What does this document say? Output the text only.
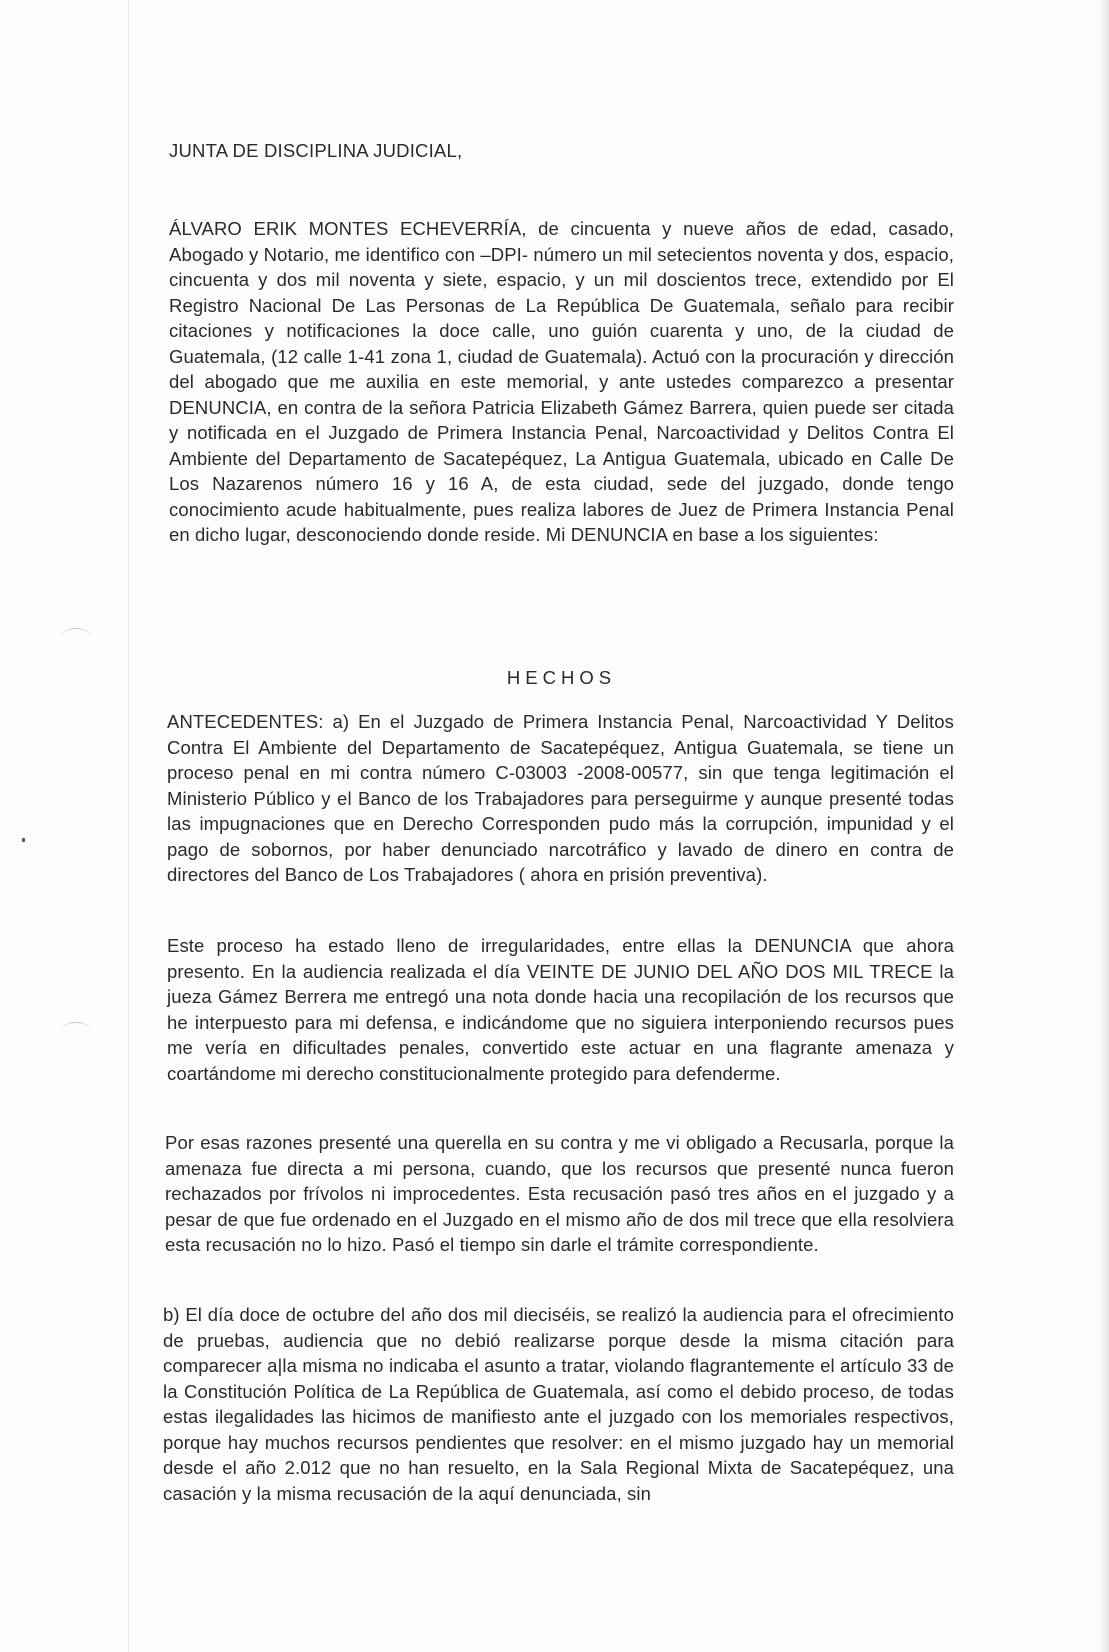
JUNTA DE DISCIPLINA JUDICIAL,

ÁLVARO ERIK MONTES ECHEVERRÍA, de cincuenta y nueve años de edad, casado, Abogado y Notario, me identifico con –DPI- número un mil setecientos noventa y dos, espacio, cincuenta y dos mil noventa y siete, espacio, y un mil doscientos trece, extendido por El Registro Nacional De Las Personas de La República De Guatemala, señalo para recibir citaciones y notificaciones la doce calle, uno guión cuarenta y uno, de la ciudad de Guatemala, (12 calle 1-41 zona 1, ciudad de Guatemala). Actuó con la procuración y dirección del abogado que me auxilia en este memorial, y ante ustedes comparezco a presentar DENUNCIA, en contra de la señora Patricia Elizabeth Gámez Barrera, quien puede ser citada y notificada en el Juzgado de Primera Instancia Penal, Narcoactividad y Delitos Contra El Ambiente del Departamento de Sacatepéquez, La Antigua Guatemala, ubicado en Calle De Los Nazarenos número 16 y 16 A, de esta ciudad, sede del juzgado, donde tengo conocimiento acude habitualmente, pues realiza labores de Juez de Primera Instancia Penal en dicho lugar, desconociendo donde reside. Mi DENUNCIA en base a los siguientes:

HECHOS

ANTECEDENTES: a) En el Juzgado de Primera Instancia Penal, Narcoactividad Y Delitos Contra El Ambiente del Departamento de Sacatepéquez, Antigua Guatemala, se tiene un proceso penal en mi contra número C-03003 -2008-00577, sin que tenga legitimación el Ministerio Público y el Banco de los Trabajadores para perseguirme y aunque presenté todas las impugnaciones que en Derecho Corresponden pudo más la corrupción, impunidad y el pago de sobornos, por haber denunciado narcotráfico y lavado de dinero en contra de directores del Banco de Los Trabajadores ( ahora en prisión preventiva).

Este proceso ha estado lleno de irregularidades, entre ellas la DENUNCIA que ahora presento. En la audiencia realizada el día VEINTE DE JUNIO DEL AÑO DOS MIL TRECE la jueza Gámez Berrera me entregó una nota donde hacia una recopilación de los recursos que he interpuesto para mi defensa, e indicándome que no siguiera interponiendo recursos pues me vería en dificultades penales, convertido este actuar en una flagrante amenaza y coartándome mi derecho constitucionalmente protegido para defenderme.

Por esas razones presenté una querella en su contra y me vi obligado a Recusarla, porque la amenaza fue directa a mi persona, cuando, que los recursos que presenté nunca fueron rechazados por frívolos ni improcedentes. Esta recusación pasó tres años en el juzgado y a pesar de que fue ordenado en el Juzgado en el mismo año de dos mil trece que ella resolviera esta recusación no lo hizo. Pasó el tiempo sin darle el trámite correspondiente.

b) El día doce de octubre del año dos mil dieciséis, se realizó la audiencia para el ofrecimiento de pruebas, audiencia que no debió realizarse porque desde la misma citación para comparecer a|la misma no indicaba el asunto a tratar, violando flagrantemente el artículo 33 de la Constitución Política de La República de Guatemala, así como el debido proceso, de todas estas ilegalidades las hicimos de manifiesto ante el juzgado con los memoriales respectivos, porque hay muchos recursos pendientes que resolver: en el mismo juzgado hay un memorial desde el año 2.012 que no han resuelto, en la Sala Regional Mixta de Sacatepéquez, una casación y la misma recusación de la aquí denunciada, sin
